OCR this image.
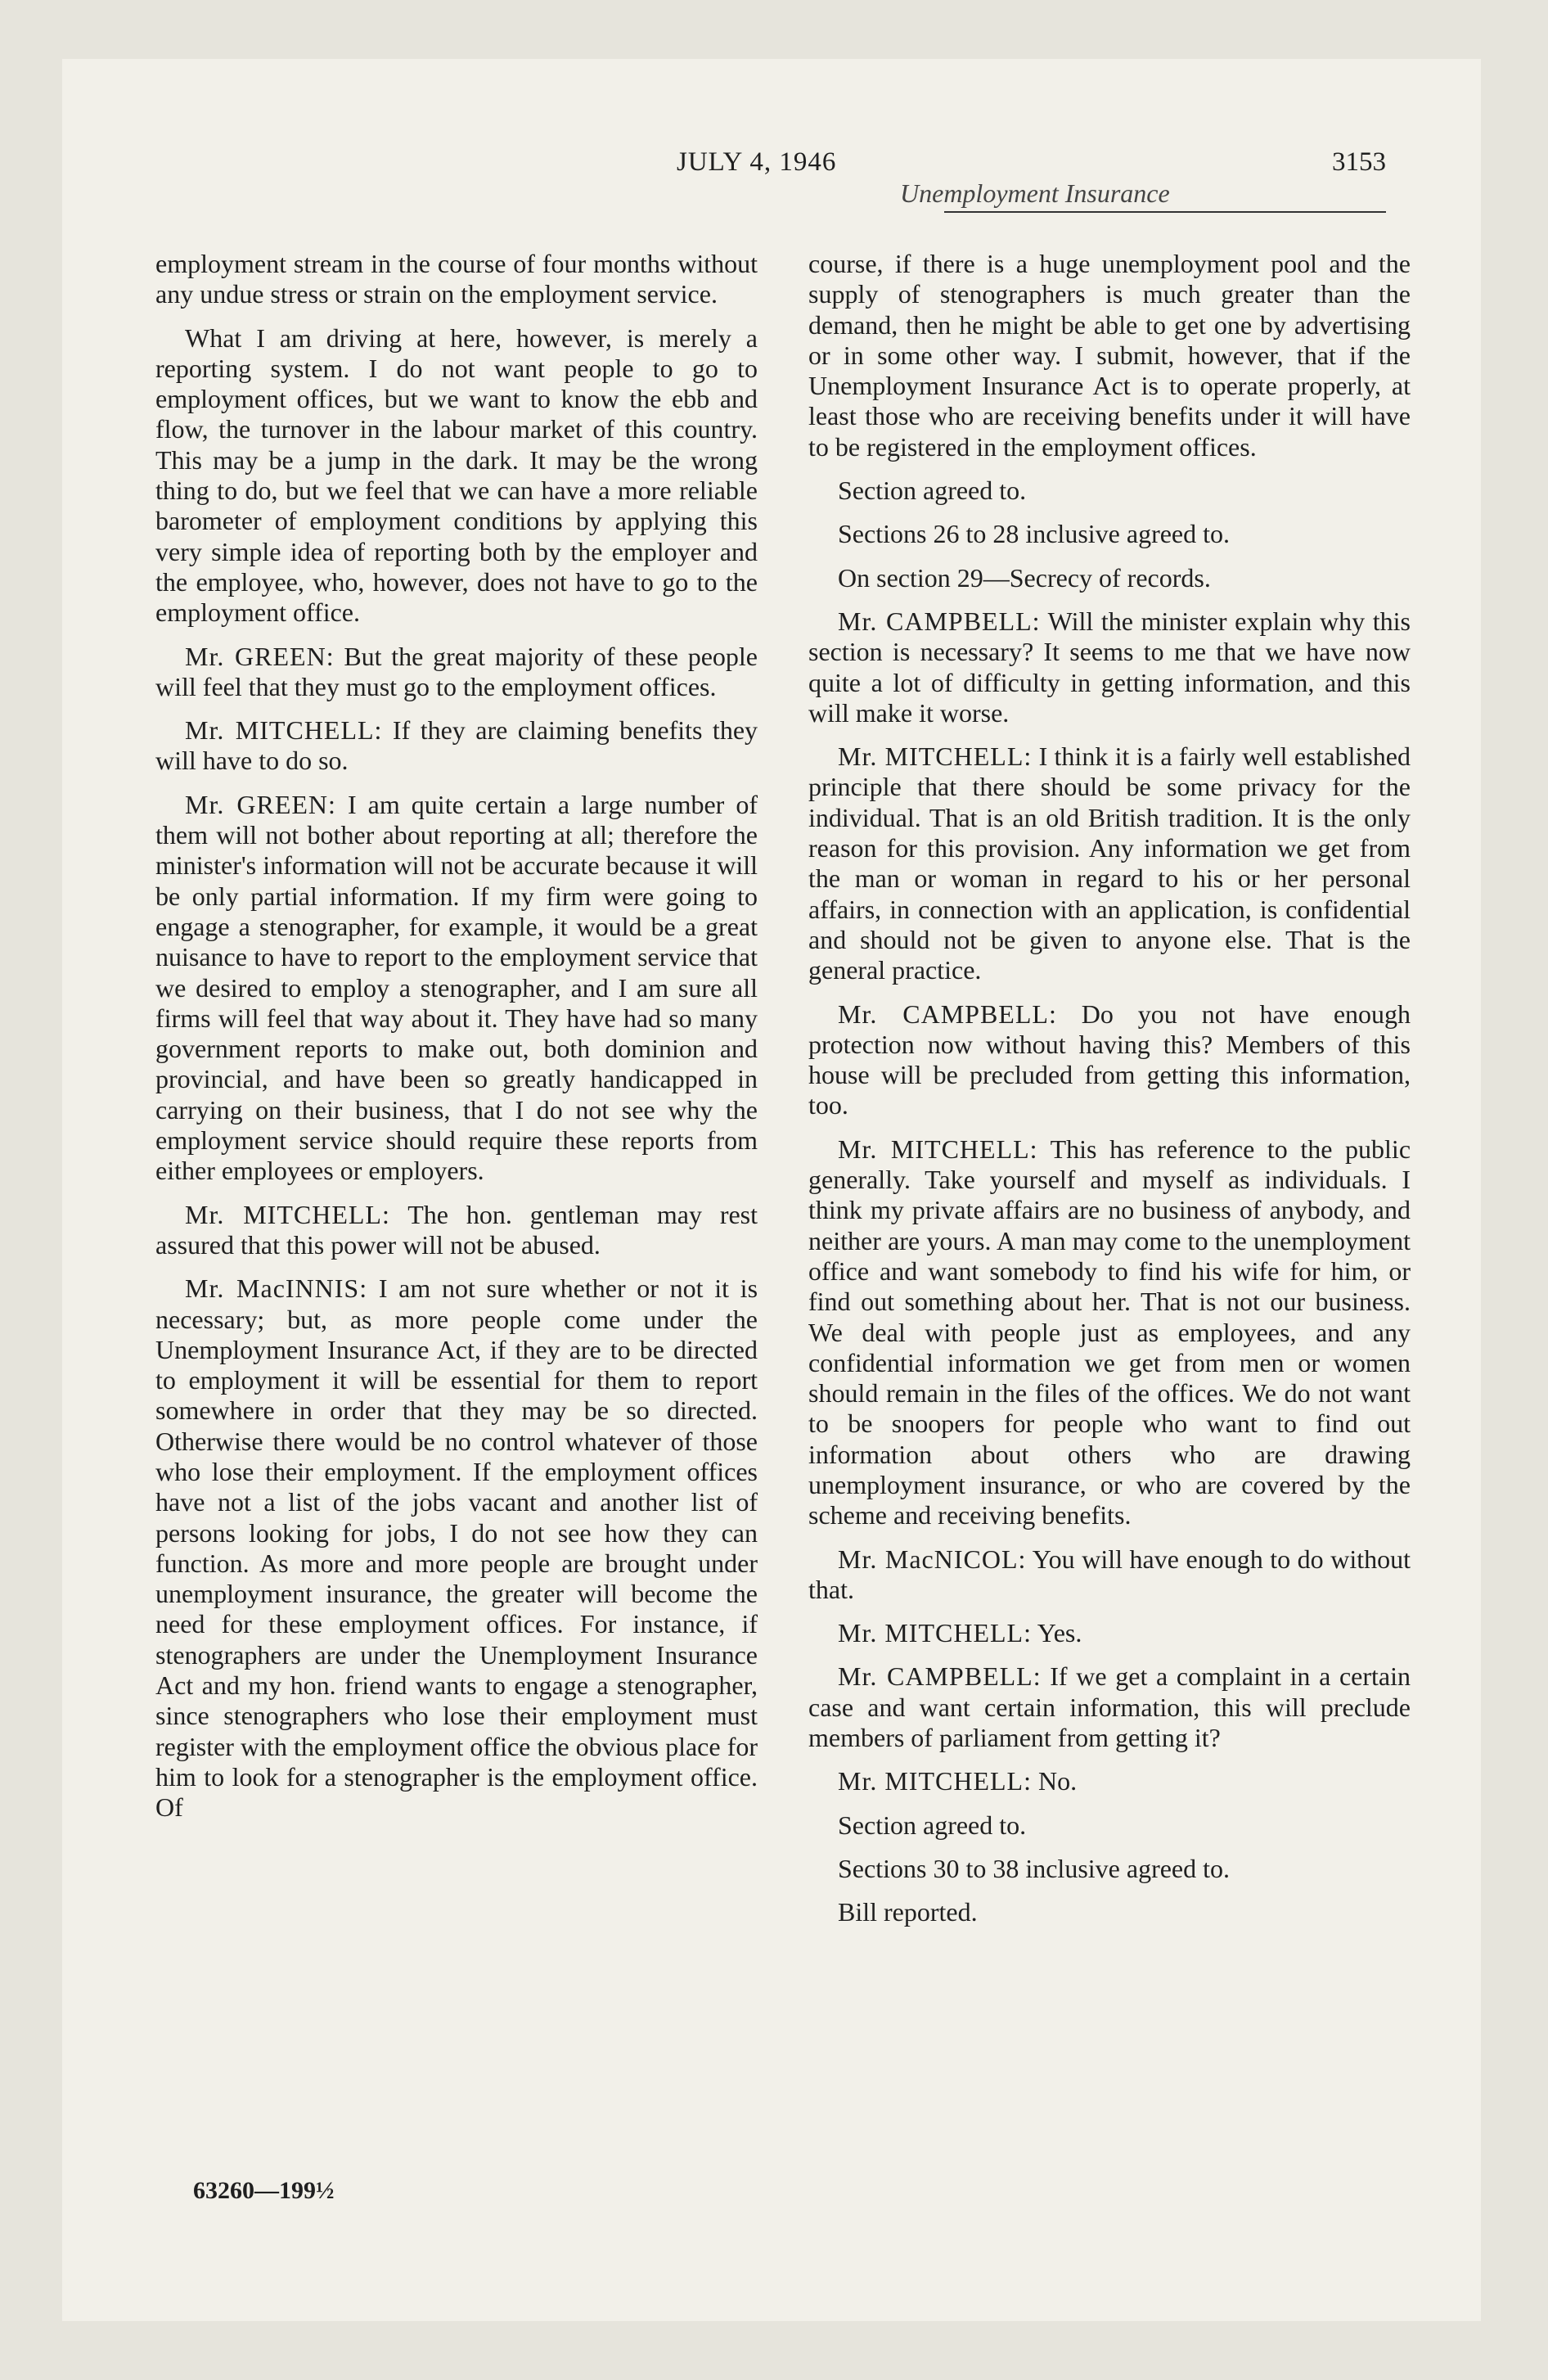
JULY 4, 1946
Unemployment Insurance
3153

employment stream in the course of four months without any undue stress or strain on the employment service.

What I am driving at here, however, is merely a reporting system. I do not want people to go to employment offices, but we want to know the ebb and flow, the turnover in the labour market of this country. This may be a jump in the dark. It may be the wrong thing to do, but we feel that we can have a more reliable barometer of employment conditions by applying this very simple idea of reporting both by the employer and the employee, who, however, does not have to go to the employment office.

Mr. GREEN: But the great majority of these people will feel that they must go to the employment offices.

Mr. MITCHELL: If they are claiming benefits they will have to do so.

Mr. GREEN: I am quite certain a large number of them will not bother about reporting at all; therefore the minister's information will not be accurate because it will be only partial information. If my firm were going to engage a stenographer, for example, it would be a great nuisance to have to report to the employment service that we desired to employ a stenographer, and I am sure all firms will feel that way about it. They have had so many government reports to make out, both dominion and provincial, and have been so greatly handicapped in carrying on their business, that I do not see why the employment service should require these reports from either employees or employers.

Mr. MITCHELL: The hon. gentleman may rest assured that this power will not be abused.

Mr. MacINNIS: I am not sure whether or not it is necessary; but, as more people come under the Unemployment Insurance Act, if they are to be directed to employment it will be essential for them to report somewhere in order that they may be so directed. Otherwise there would be no control whatever of those who lose their employment. If the employment offices have not a list of the jobs vacant and another list of persons looking for jobs, I do not see how they can function. As more and more people are brought under unemployment insurance, the greater will become the need for these employment offices. For instance, if stenographers are under the Unemployment Insurance Act and my hon. friend wants to engage a stenographer, since stenographers who lose their employment must register with the employment office the obvious place for him to look for a stenographer is the employment office. Of

course, if there is a huge unemployment pool and the supply of stenographers is much greater than the demand, then he might be able to get one by advertising or in some other way. I submit, however, that if the Unemployment Insurance Act is to operate properly, at least those who are receiving benefits under it will have to be registered in the employment offices.

Section agreed to.

Sections 26 to 28 inclusive agreed to.

On section 29—Secrecy of records.

Mr. CAMPBELL: Will the minister explain why this section is necessary? It seems to me that we have now quite a lot of difficulty in getting information, and this will make it worse.

Mr. MITCHELL: I think it is a fairly well established principle that there should be some privacy for the individual. That is an old British tradition. It is the only reason for this provision. Any information we get from the man or woman in regard to his or her personal affairs, in connection with an application, is confidential and should not be given to anyone else. That is the general practice.

Mr. CAMPBELL: Do you not have enough protection now without having this? Members of this house will be precluded from getting this information, too.

Mr. MITCHELL: This has reference to the public generally. Take yourself and myself as individuals. I think my private affairs are no business of anybody, and neither are yours. A man may come to the unemployment office and want somebody to find his wife for him, or find out something about her. That is not our business. We deal with people just as employees, and any confidential information we get from men or women should remain in the files of the offices. We do not want to be snoopers for people who want to find out information about others who are drawing unemployment insurance, or who are covered by the scheme and receiving benefits.

Mr. MacNICOL: You will have enough to do without that.

Mr. MITCHELL: Yes.

Mr. CAMPBELL: If we get a complaint in a certain case and want certain information, this will preclude members of parliament from getting it?

Mr. MITCHELL: No.

Section agreed to.

Sections 30 to 38 inclusive agreed to.

Bill reported.

63260—199½
